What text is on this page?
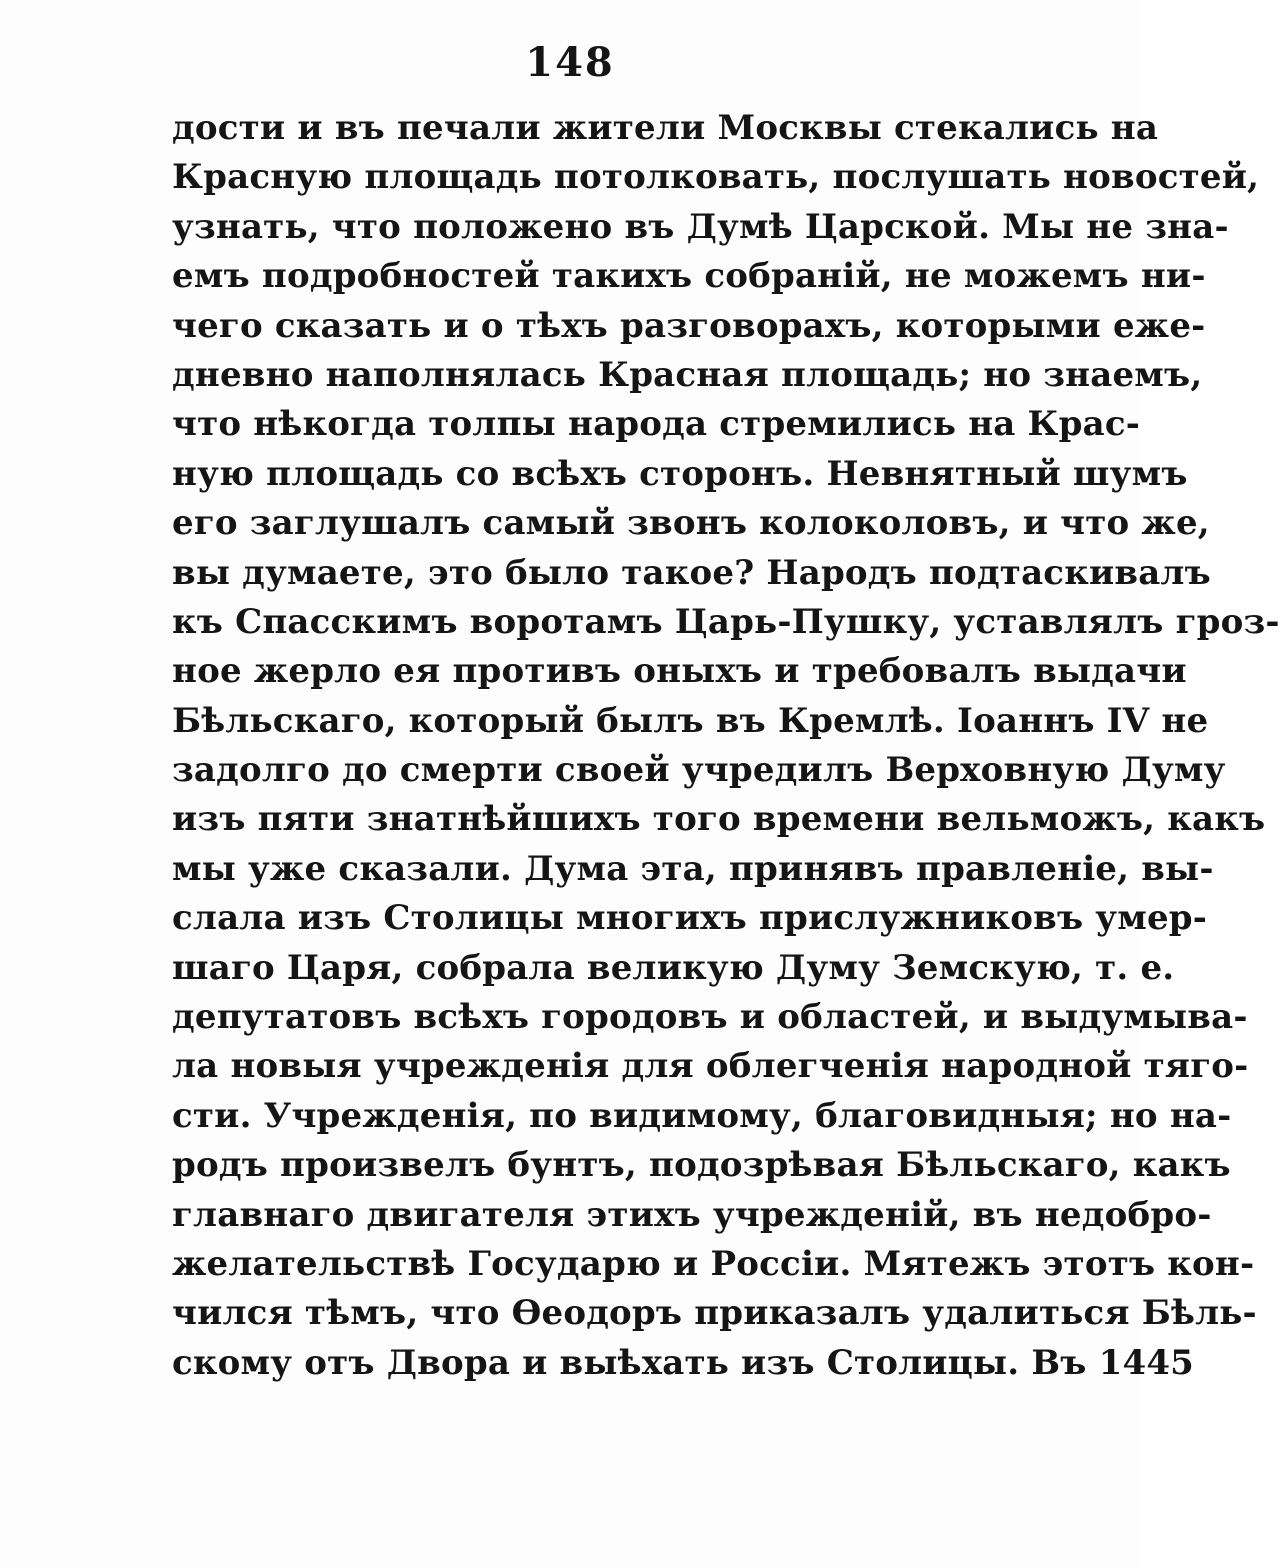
148
дости и въ печали жители Москвы стекались на
Красную площадь потолковать, послушать новостей,
узнать, что положено въ Думѣ Царской. Мы не зна-
емъ подробностей такихъ собраній, не можемъ ни-
чего сказать и о тѣхъ разговорахъ, которыми еже-
дневно наполнялась Красная площадь; но знаемъ,
что нѣкогда толпы народа стремились на Крас-
ную площадь со всѣхъ сторонъ. Невнятный шумъ
его заглушалъ самый звонъ колоколовъ, и что же,
вы думаете, это было такое? Народъ подтаскивалъ
къ Спасскимъ воротамъ Царь-Пушку, уставлялъ гроз-
ное жерло ея противъ оныхъ и требовалъ выдачи
Бѣльскаго, который былъ въ Кремлѣ. Іоаннъ IV не
задолго до смерти своей учредилъ Верховную Думу
изъ пяти знатнѣйшихъ того времени вельможъ, какъ
мы уже сказали. Дума эта, принявъ правленіе, вы-
слала изъ Столицы многихъ прислужниковъ умер-
шаго Царя, собрала великую Думу Земскую, т. е.
депутатовъ всѣхъ городовъ и областей, и выдумыва-
ла новыя учрежденія для облегченія народной тяго-
сти. Учрежденія, по видимому, благовидныя; но на-
родъ произвелъ бунтъ, подозрѣвая Бѣльскаго, какъ
главнаго двигателя этихъ учрежденій, въ недобро-
желательствѣ Государю и Россіи. Мятежъ этотъ кон-
чился тѣмъ, что Ѳеодоръ приказалъ удалиться Бѣль-
скому отъ Двора и выѣхать изъ Столицы. Въ 1445
